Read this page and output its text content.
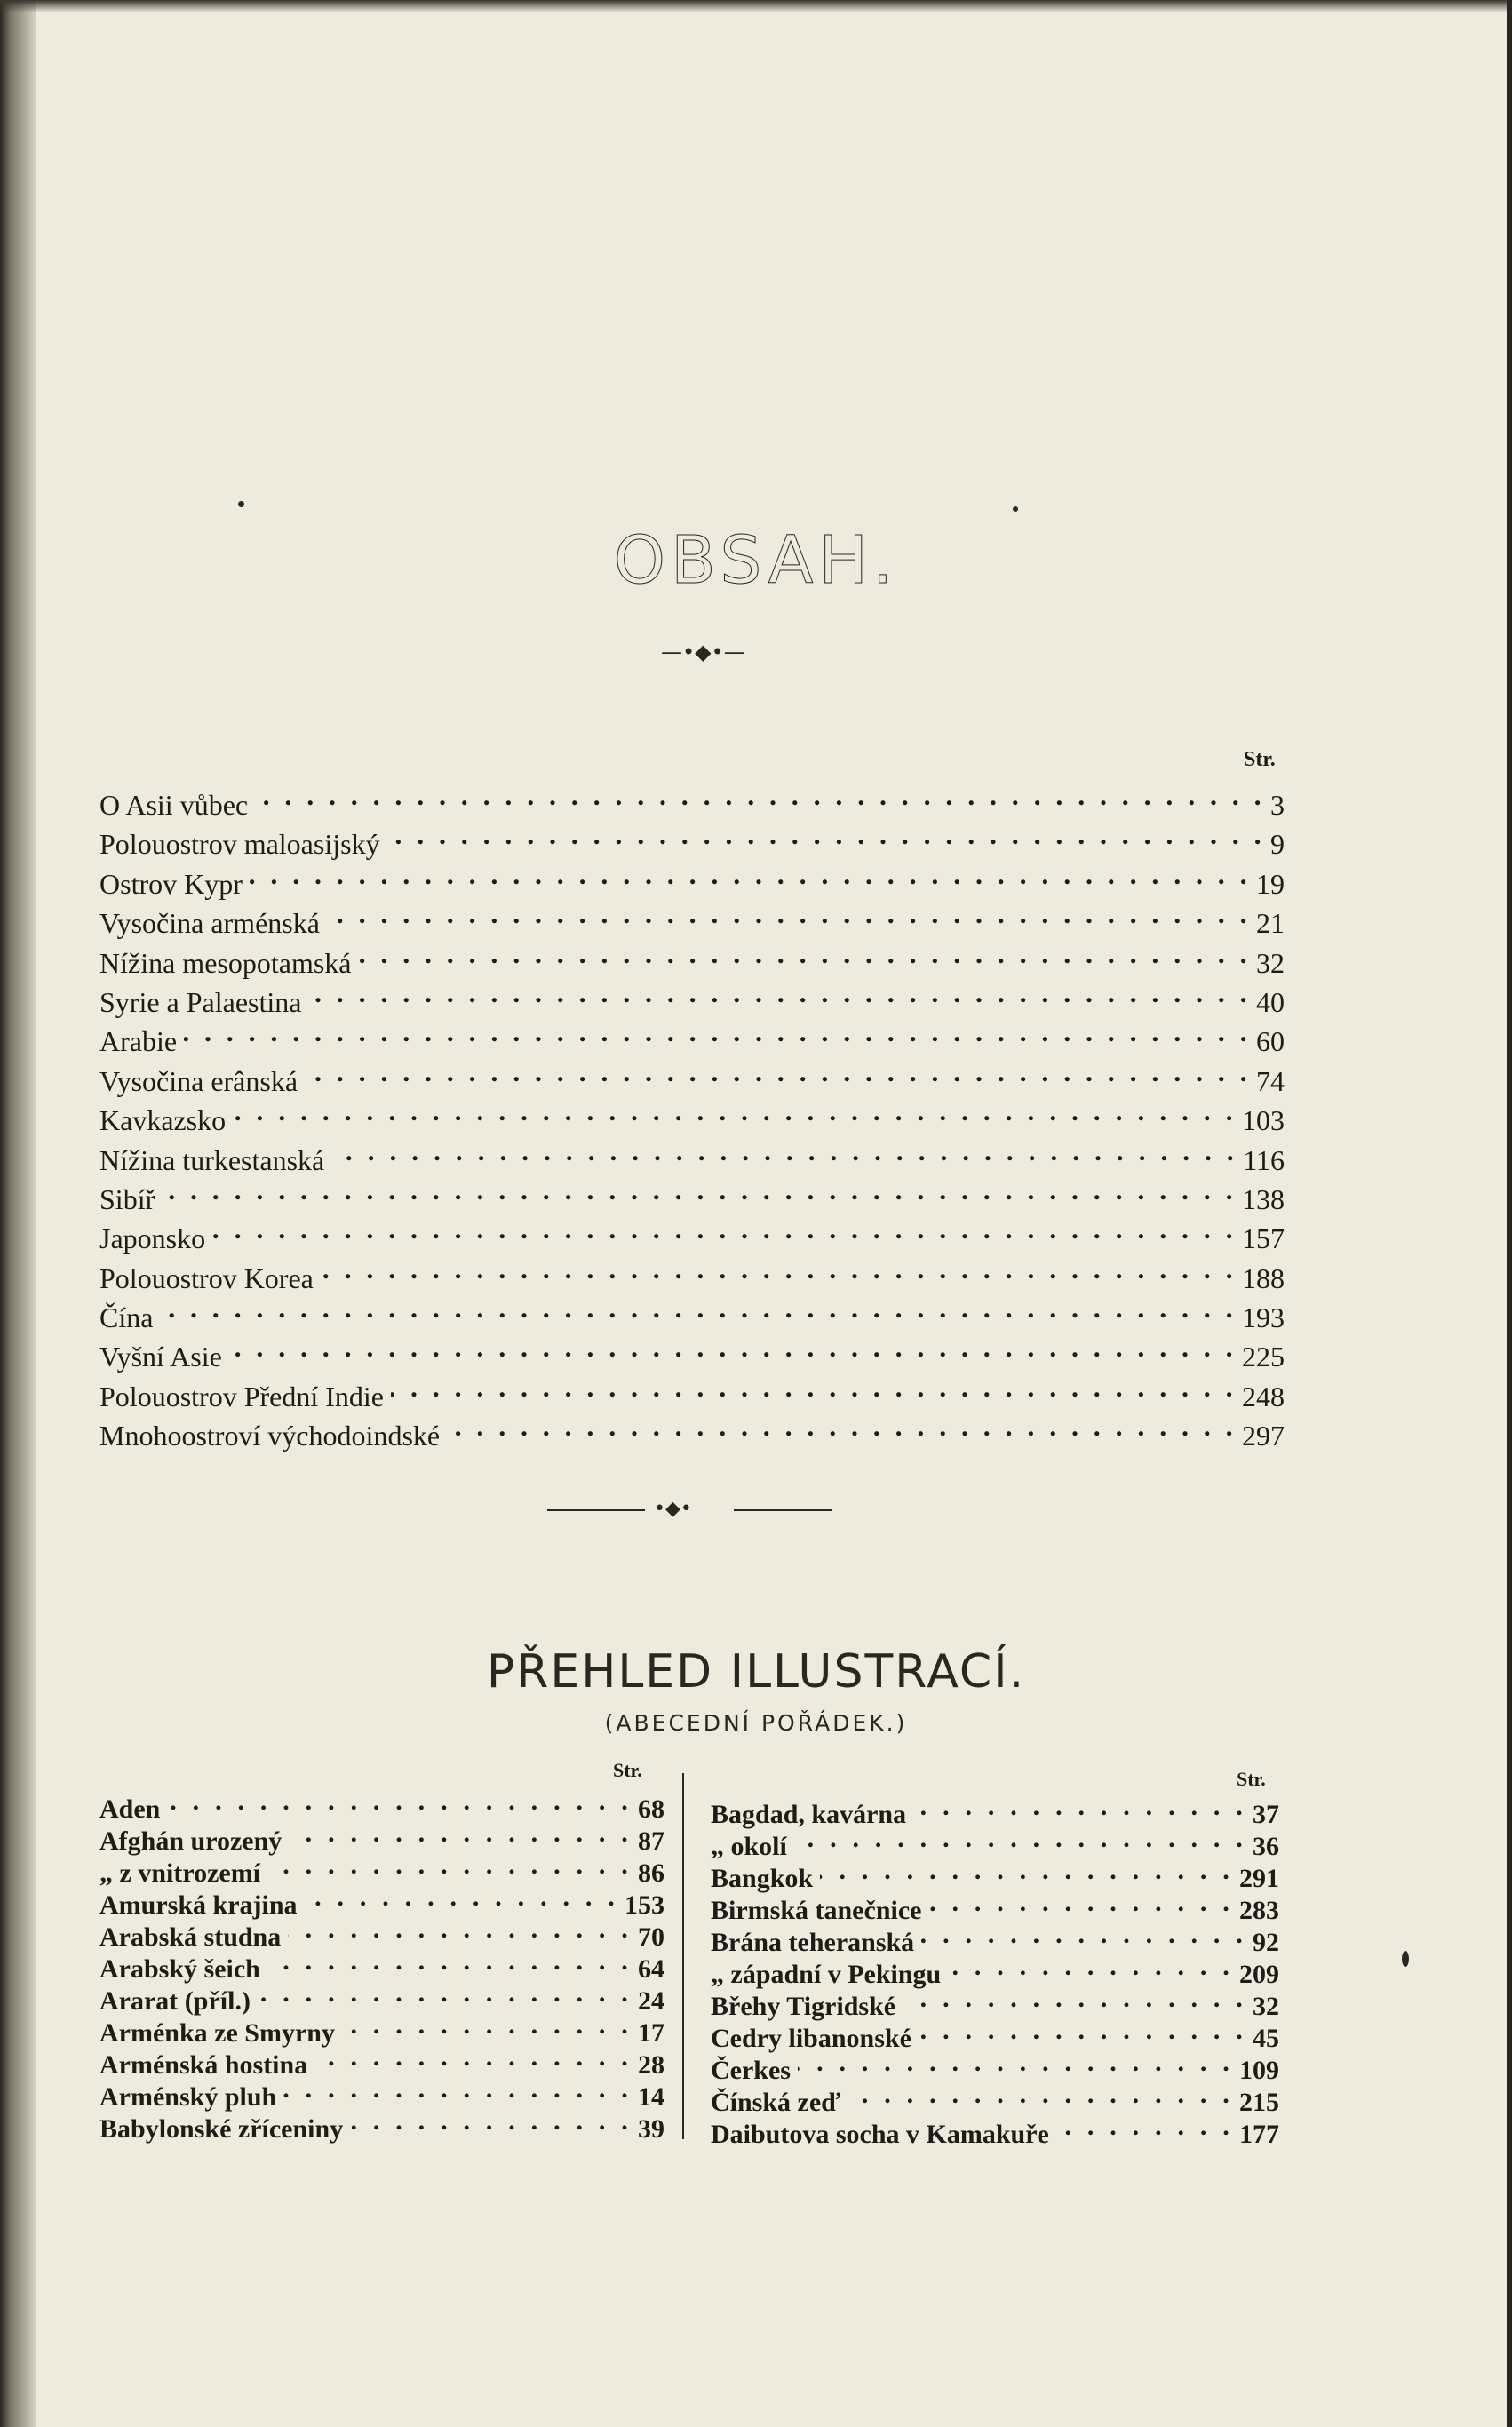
OBSAH.
—•◆•—
Str.
O Asii vůbec . . .	3
Polouostrov maloasijský . . .	9
Ostrov Kypr . . .	19
Vysočina arménská . . .	21
Nížina mesopotamská . . .	32
Syrie a Palaestina . . .	40
Arabie . . .	60
Vysočina erânská . . .	74
Kavkazsko . . .	103
Nížina turkestanská . . .	116
Sibíř . . .	138
Japonsko . . .	157
Polouostrov Korea . . .	188
Čína . . .	193
Vyšní Asie . . .	225
Polouostrov Přední Indie . . .	248
Mnohoostroví východoindské . . .	297
•◆•
PŘEHLED ILLUSTRACÍ.
(ABECEDNÍ POŘÁDEK.)
Str.	Str.
Aden . . .	68
Afghán urozený . . .	87
„ z vnitrozemí . . .	86
Amurská krajina . . .	153
Arabská studna . . .	70
Arabský šeich . . .	64
Ararat (příl.) . . .	24
Arménka ze Smyrny . . .	17
Arménská hostina . . .	28
Arménský pluh . . .	14
Babylonské zříceniny . . .	39
Bagdad, kavárna . . .	37
„ okolí . . .	36
Bangkok . . .	291
Birmská tanečnice . . .	283
Brána teheranská . . .	92
„ západní v Pekingu . . .	209
Břehy Tigridské . . .	32
Cedry libanonské . . .	45
Čerkes . . .	109
Čínská zeď . . .	215
Daibutova socha v Kamakuře . . .	177
